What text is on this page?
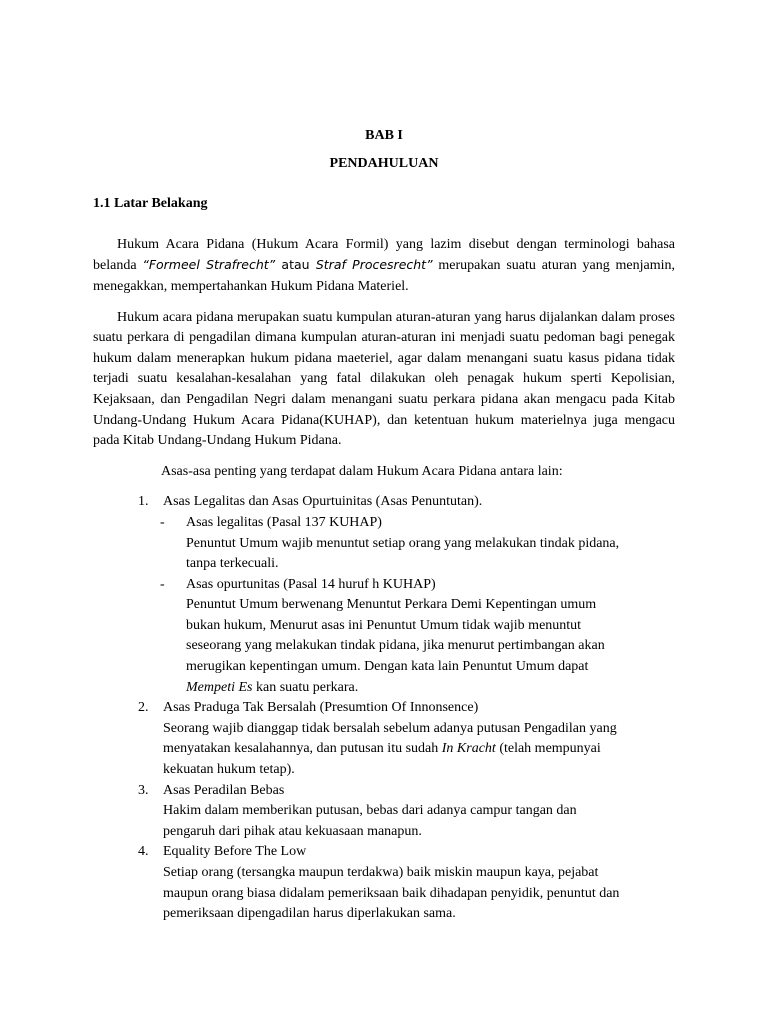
BAB I

PENDAHULUAN

1.1 Latar Belakang

Hukum Acara Pidana (Hukum Acara Formil) yang lazim disebut dengan terminologi bahasa belanda “Formeel Strafrecht” atau Straf Procesrecht” merupakan suatu aturan yang menjamin, menegakkan, mempertahankan Hukum Pidana Materiel.

Hukum acara pidana merupakan suatu kumpulan aturan-aturan yang harus dijalankan dalam proses suatu perkara di pengadilan dimana kumpulan aturan-aturan ini menjadi suatu pedoman bagi penegak hukum dalam menerapkan hukum pidana maeteriel, agar dalam menangani suatu kasus pidana tidak terjadi suatu kesalahan-kesalahan yang fatal dilakukan oleh penagak hukum sperti Kepolisian, Kejaksaan, dan Pengadilan Negri dalam menangani suatu perkara pidana akan mengacu pada Kitab Undang-Undang Hukum Acara Pidana(KUHAP), dan ketentuan hukum materielnya juga mengacu pada Kitab Undang-Undang Hukum Pidana.

Asas-asa penting yang terdapat dalam Hukum Acara Pidana antara lain:

1. Asas Legalitas dan Asas Opurtuinitas (Asas Penuntutan).

- Asas legalitas (Pasal 137 KUHAP)

Penuntut Umum wajib menuntut setiap orang yang melakukan tindak pidana,

tanpa terkecuali.

- Asas opurtunitas (Pasal 14 huruf h KUHAP)

Penuntut Umum berwenang Menuntut Perkara Demi Kepentingan umum

bukan hukum, Menurut asas ini Penuntut Umum tidak wajib menuntut

seseorang yang melakukan tindak pidana, jika menurut pertimbangan akan

merugikan kepentingan umum. Dengan kata lain Penuntut Umum dapat

Mempeti Es kan suatu perkara.

2. Asas Praduga Tak Bersalah (Presumtion Of Innonsence)

Seorang wajib dianggap tidak bersalah sebelum adanya putusan Pengadilan yang

menyatakan kesalahannya, dan putusan itu sudah In Kracht (telah mempunyai

kekuatan hukum tetap).

3. Asas Peradilan Bebas

Hakim dalam memberikan putusan, bebas dari adanya campur tangan dan

pengaruh dari pihak atau kekuasaan manapun.

4. Equality Before The Low

Setiap orang (tersangka maupun terdakwa) baik miskin maupun kaya, pejabat

maupun orang biasa didalam pemeriksaan baik dihadapan penyidik, penuntut dan

pemeriksaan dipengadilan harus diperlakukan sama.
